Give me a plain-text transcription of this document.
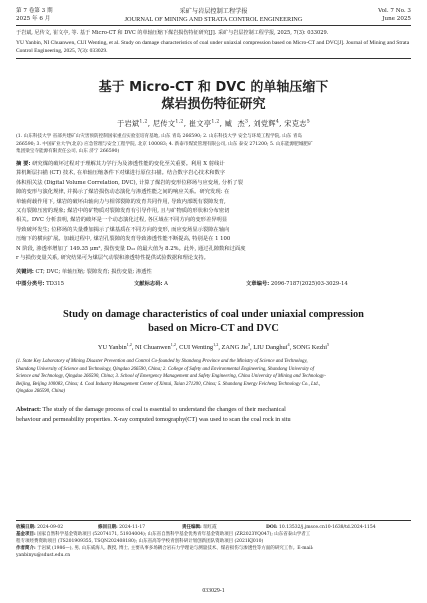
第 7 卷第 3 期	采矿与岩层控制工程学报	Vol. 7 No. 3
2025 年 6 月	JOURNAL OF MINING AND STRATA CONTROL ENGINEERING	June 2025
于岩斌, 尼传文, 崔文亭, 等. 基于 Micro-CT 和 DVC 的单轴压缩下煤岩损伤特征研究[J]. 采矿与岩层控制工程学报, 2025, 7(3): 033029.
YU Yanbin, NI Chuanwen, CUI Wenting, et al. Study on damage characteristics of coal under uniaxial compression based on Micro-CT and DVC[J]. Journal of Mining and Strata Control Engineering, 2025, 7(3): 033029.
基于 Micro-CT 和 DVC 的单轴压缩下
煤岩损伤特征研究
于岩斌$^{1,2}$, 尼传文$^{1,2}$, 崔文亭$^{1,2}$, 臧  杰$^3$, 刘党辉$^4$, 宋克志$^5$
(1. 山东科技大学 省部共建矿山灾害预防控制国家重点实验室培育基地, 山东 青岛 266590; 2. 山东科技大学 安全与环境工程学院, 山东 青岛
266590; 3. 中国矿业大学(北京) 应急管理与安全工程学院, 北京 100083; 4. 新泰市煤炭管理有限公司, 山东 泰安 271200; 5. 山东能源肥城肥矿
集团梁宝寺能源有限责任公司, 山东 济宁 266590)
摘 要: 研究煤的破坏过程对于理解其力学行为及渗透性能的变化至关重要。利用 X 射线计
算机断层扫描 (CT) 技术, 在单轴压缩条件下对煤进行原位扫描。结合数字岩心技术和数字
体积相关法 (Digital Volume Correlation, DVC), 计算了煤岩的变形位移场与应变场, 分析了裂
隙的变形与演化规律, 并揭示了煤岩损伤动态演化与渗透性能之间的响应关系。研究发现: 在
单轴荷载作用下, 煤岩的破坏由轴向力与相邻裂隙的发育共同作用, 导致内部既有裂隙发育,
又有裂隙压密的现象; 煤岩中的矿物质对裂隙发育有引导作用, 且与矿物质的形状和分布密切
相关。DVC 分析表明, 煤岩的破坏是一个动态演化过程, 各区域在不同方向的变形差异明显
导致破坏发生; 位移场的失量叠加揭示了煤基质在不同方向的变形, 而应变场显示裂隙在轴向
压缩下的横向扩展。加载过程中, 煤岩孔裂隙的发育导致渗透性能不断提高, 特别是在 1 100
N 阶段, 渗透率增加了 149.35 μm², 损伤变量 D₁₂ 的最大值为 8.2%。此外, 通过孔隙数和过面度
r 与损伤变量关系, 研究结果可为煤层气动裂和渗透特性提供试验数据和理论支持。
关键词: CT; DVC; 单轴压缩; 裂隙发育; 损伤变量; 渗透性
中图分类号: TD315	文献标志码: A	文章编号: 2096-7187(2025)03-3029-14
Study on damage characteristics of coal under uniaxial compression
based on Micro-CT and DVC
YU Yanbin$^{1,2}$, NI Chuanwen$^{1,2}$, CUI Wenting$^{1,2}$, ZANG Jie$^3$, LIU Danghui$^4$, SONG Kezhi$^5$
(1. State Key Laboratory of Mining Disaster Prevention and Control Co-founded by Shandong Province and the Ministry of Science and Technology,
Shandong University of Science and Technology, Qingdao 266590, China; 2. College of Safety and Environmental Engineering, Shandong University of
Science and Technology, Qingdao 266590, China; 3. School of Emergency Management and Safety Engineering, China University of Mining and Technology-
Beijing, Beijing 100083, China; 4. Coal Industry Management Center of Xintai, Taian 271200, China; 5. Shandong Energy Feicheng Technology Co., Ltd.,
Qingdao 266590, China)
Abstract: The study of the damage process of coal is essential to understand the changes of their mechanical
behaviour and permeability properties. X-ray computed tomography(CT) was used to scan the coal rock in situ
收稿日期: 2024-09-02	修回日期: 2024-11-17	责任编辑: 瑞红霞	DOI: 10.13532/j.jmsce.cn10-1638/td.2024-1154
基金项目: 国家自然科学基金资助项目 (52074171, 51934004); 山东省自然科学基金优秀青年基金资助项目 (ZR2023YQ047); 山东省泰山学者工
程专项经费资助项目 (TS201909355, TSQN202408180); 山东省高等学校青创科研计划创新团队资助项目 (2021KJ010)
作者简介: 于岩斌 (1986—), 男, 山东威海人, 教授, 博士, 主要从事多场耦合岩石力学理论与测量技术、煤岩损伤与渗透性等方面的研究工作。E-mail:
yanbinyu@sdust.edu.cn
033029-1
